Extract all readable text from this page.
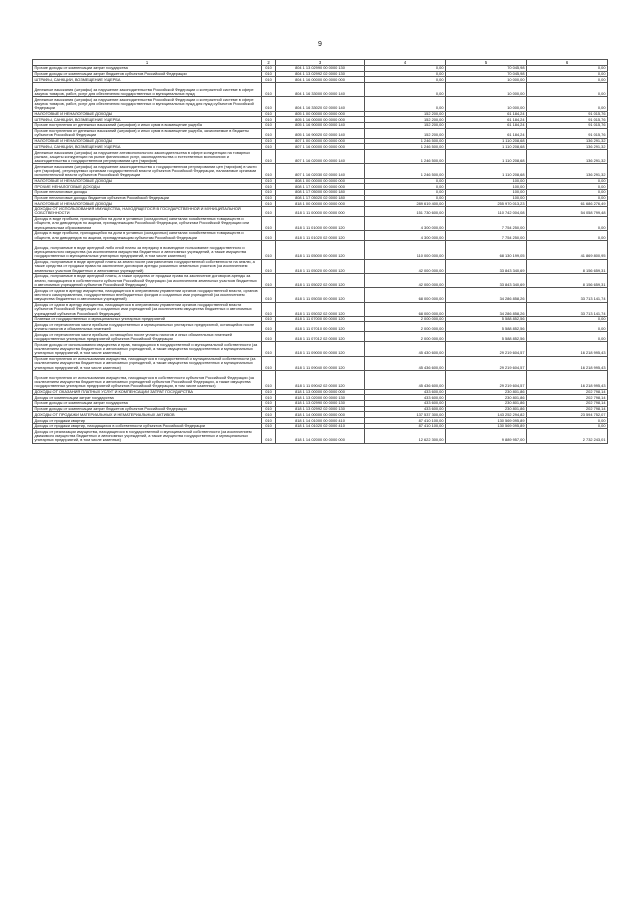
9
1	2	3	4	5	6
Прочие доходы от компенсации затрат государства	010	804 1 13 02990 00 0000 130	0,00	70 045,98	0,00
Прочие доходы от компенсации затрат бюджетов субъектов Российской Федерации	010	804 1 13 02992 02 0000 130	0,00	70 045,98	0,00
ШТРАФЫ, САНКЦИИ, ВОЗМЕЩЕНИЕ УЩЕРБА	010	804 1 16 00000 00 0000 000	0,00	10 000,00	0,00
Денежные взыскания (штрафы) за нарушение законодательства Российской Федерации о контрактной системе в сфере закупок товаров, работ, услуг для обеспечения государственных и муниципальных нужд	010	804 1 16 33000 00 0000 140	0,00	10 000,00	0,00
Денежные взыскания (штрафы) за нарушение законодательства Российской Федерации о контрактной системе в сфере закупок товаров, работ, услуг для обеспечения государственных и муниципальных нужд для нужд субъектов Российской Федерации	010	804 1 16 33020 02 0000 140	0,00	10 000,00	0,00
НАЛОГОВЫЕ И НЕНАЛОГОВЫЕ ДОХОДЫ	010	805 1 00 00000 00 0000 000	152 200,00	61 184,24	91 015,76
ШТРАФЫ, САНКЦИИ, ВОЗМЕЩЕНИЕ УЩЕРБА	010	805 1 16 00000 00 0000 000	152 200,00	61 184,24	91 015,76
Прочие поступления от денежных взысканий (штрафов) и иных сумм в возмещение ущерба	010	805 1 16 90000 00 0000 140	152 200,00	61 184,24	91 015,76
Прочие поступления от денежных взысканий (штрафов) и иных сумм в возмещение ущерба, зачисляемые в бюджеты субъектов Российской Федерации	010	805 1 16 90020 02 0000 140	152 200,00	61 184,24	91 015,76
НАЛОГОВЫЕ И НЕНАЛОГОВЫЕ ДОХОДЫ	010	807 1 00 00000 00 0000 000	1 246 500,00	1 110 208,68	136 291,32
ШТРАФЫ, САНКЦИИ, ВОЗМЕЩЕНИЕ УЩЕРБА	010	807 1 16 00000 00 0000 000	1 246 500,00	1 110 208,68	136 291,32
Денежные взыскания (штрафы) за нарушение антимонопольного законодательства в сфере конкуренции на товарных рынках, защиты конкуренции на рынке финансовых услуг, законодательства о естественных монополиях и законодательства о государственном регулировании цен (тарифов)	010	807 1 16 02000 00 0000 140	1 246 500,00	1 110 208,68	136 291,32
Денежные взыскания (штрафы) за нарушение законодательства о государственном регулировании цен (тарифов) в части цен (тарифов), регулируемых органами государственной власти субъектов Российской Федерации, налагаемые органами исполнительной власти субъектов Российской Федерации	010	807 1 16 02030 02 0000 140	1 246 500,00	1 110 208,68	136 291,32
НАЛОГОВЫЕ И НЕНАЛОГОВЫЕ ДОХОДЫ	010	808 1 00 00000 00 0000 000	0,00	100,00	0,00
ПРОЧИЕ НЕНАЛОГОВЫЕ ДОХОДЫ	010	808 1 17 00000 00 0000 000	0,00	100,00	0,00
Прочие неналоговые доходы	010	808 1 17 05000 00 0000 180	0,00	100,00	0,00
Прочие неналоговые доходы бюджетов субъектов Российской Федерации	010	808 1 17 05020 02 0000 180	0,00	100,00	0,00
НАЛОГОВЫЕ И НЕНАЛОГОВЫЕ ДОХОДЫ	010	818 1 00 00000 00 0000 000	289 619 400,00	255 970 013,23	61 686 276,49
ДОХОДЫ ОТ ИСПОЛЬЗОВАНИЯ ИМУЩЕСТВА, НАХОДЯЩЕГОСЯ В ГОСУДАРСТВЕННОЙ И МУНИЦИПАЛЬНОЙ СОБСТВЕННОСТИ	010	818 1 11 00000 00 0000 000	151 730 600,00	110 742 004,08	54 058 799,48
Доходы в виде прибыли, приходящейся на доли в уставных (складочных) капиталах хозяйственных товариществ и обществ, или дивидендов по акциям, принадлежащим Российской Федерации, субъектам Российской Федерации или муниципальным образованиям	010	818 1 11 01000 00 0000 120	4 300 000,00	7 754 250,00	0,00
Доходы в виде прибыли, приходящейся на доли в уставных (складочных) капиталах хозяйственных товариществ и обществ, или дивидендов по акциям, принадлежащим субъектам Российской Федерации	010	818 1 11 01020 02 0000 120	4 300 000,00	7 754 250,00	0,00
Доходы, получаемые в виде арендной либо иной платы за передачу в возмездное пользование государственного и муниципального имущества (за исключением имущества бюджетных и автономных учреждений, а также имущества государственных и муниципальных унитарных предприятий, в том числе казенных)	010	818 1 11 05000 00 0000 120	110 000 000,00	68 130 199,05	41 869 800,95
Доходы, получаемые в виде арендной платы за земли после разграничения государственной собственности на землю, а также средства от продажи права на заключение договоров аренды указанных земельных участков (за исключением земельных участков бюджетных и автономных учреждений)	010	818 1 11 05020 00 0000 120	42 000 000,00	33 843 340,69	8 156 659,31
Доходы, получаемые в виде арендной платы, а также средства от продажи права на заключение договоров аренды за земли, находящиеся в собственности субъектов Российской Федерации (за исключением земельных участков бюджетных и автономных учреждений субъектов Российской Федерации)	010	818 1 11 05022 02 0000 120	42 000 000,00	33 843 340,69	8 156 659,31
Доходы от сдачи в аренду имущества, находящегося в оперативном управлении органов государственной власти, органов местного самоуправления, государственных внебюджетных фондов и созданных ими учреждений (за исключением имущества бюджетных и автономных учреждений)	010	818 1 11 05030 00 0000 120	68 000 000,00	34 286 858,26	33 713 141,74
Доходы от сдачи в аренду имущества, находящегося в оперативном управлении органов государственной власти субъектов Российской Федерации и созданных ими учреждений (за исключением имущества бюджетных и автономных учреждений субъектов Российской Федерации)	010	818 1 11 05032 02 0000 120	68 000 000,00	34 286 858,26	33 713 141,74
Платежи от государственных и муниципальных унитарных предприятий	010	818 1 11 07000 00 0000 120	2 000 000,00	5 588 852,56	0,00
Доходы от перечисления части прибыли государственных и муниципальных унитарных предприятий, остающейся после уплаты налогов и обязательных платежей	010	818 1 11 07010 00 0000 120	2 000 000,00	5 588 852,56	0,00
Доходы от перечисления части прибыли, остающейся после уплаты налогов и иных обязательных платежей государственных унитарных предприятий субъектов Российской Федерации	010	818 1 11 07012 02 0000 120	2 000 000,00	5 588 852,56	0,00
Прочие доходы от использования имущества и прав, находящихся в государственной и муниципальной собственности (за исключением имущества бюджетных и автономных учреждений, а также имущества государственных и муниципальных унитарных предприятий, в том числе казенных)	010	818 1 11 09000 00 0000 120	45 430 600,00	29 219 604,57	16 218 995,43
Прочие поступления от использования имущества, находящегося в государственной и муниципальной собственности (за исключением имущества бюджетных и автономных учреждений, а также имущества государственных и муниципальных унитарных предприятий, в том числе казенных)	010	818 1 11 09040 00 0000 120	45 436 600,00	29 219 604,57	16 218 995,43
Прочие поступления от использования имущества, находящегося в собственности субъектов Российской Федерации (за исключением имущества бюджетных и автономных учреждений субъектов Российской Федерации, а также имущества государственных унитарных предприятий субъектов Российской Федерации, в том числе казенных)	010	818 1 11 09042 02 0000 120	45 436 600,00	29 219 604,57	16 218 995,43
ДОХОДЫ ОТ ОКАЗАНИЯ ПЛАТНЫХ УСЛУГ И КОМПЕНСАЦИИ ЗАТРАТ ГОСУДАРСТВА	010	818 1 13 00000 00 0000 000	433 600,00	230 801,86	202 798,14
Доходы от компенсации затрат государства	010	818 1 13 02000 00 0000 130	433 600,00	230 801,86	202 798,14
Прочие доходы от компенсации затрат государства	010	818 1 13 02990 00 0000 130	433 600,00	230 801,86	202 798,14
Прочие доходы от компенсации затрат бюджетов субъектов Российской Федерации	010	818 1 13 02992 02 0000 130	433 600,00	230 801,86	202 798,14
ДОХОДЫ ОТ ПРОДАЖИ МАТЕРИАЛЬНЫХ И НЕМАТЕРИАЛЬНЫХ АКТИВОВ	010	818 1 14 00000 00 0000 000	137 537 300,00	143 252 294,82	23 594 752,07
Доходы от продажи квартир	010	818 1 14 01000 00 0000 410	87 410 100,00	130 569 095,89	0,00
Доходы от продажи квартир, находящихся в собственности субъектов Российской Федерации	010	818 1 14 01020 02 0000 410	87 410 100,00	130 569 095,89	0,00
Доходы от реализации имущества, находящегося в государственной и муниципальной собственности (за исключением движимого имущества бюджетных и автономных учреждений, а также имущества государственных и муниципальных унитарных предприятий, в том числе казенных)	010	818 1 14 02000 00 0000 000	12 622 300,00	9 889 957,00	2 732 243,01
